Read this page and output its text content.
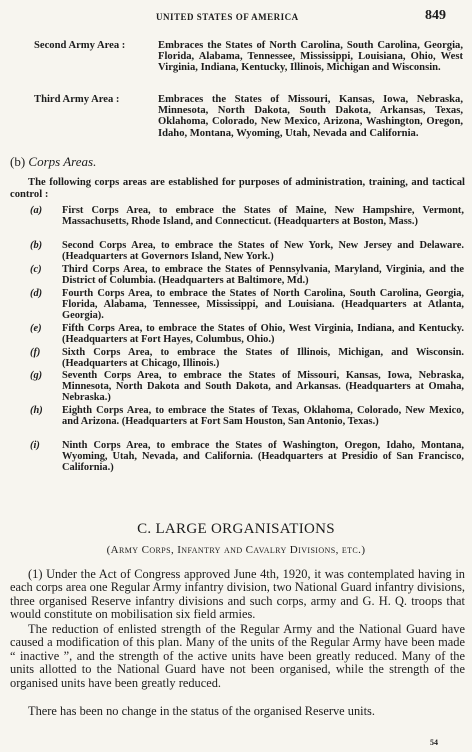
UNITED STATES OF AMERICA	849
Second Army Area :	Embraces the States of North Carolina, South Carolina, Georgia, Florida, Alabama, Tennessee, Mississippi, Louisiana, Ohio, West Virginia, Indiana, Kentucky, Illinois, Michigan and Wisconsin.
Third Army Area :	Embraces the States of Missouri, Kansas, Iowa, Nebraska, Minnesota, North Dakota, South Dakota, Arkansas, Texas, Oklahoma, Colorado, New Mexico, Arizona, Washington, Oregon, Idaho, Montana, Wyoming, Utah, Nevada and California.
(b) Corps Areas.
The following corps areas are established for purposes of administration, training, and tactical control :
(a) First Corps Area, to embrace the States of Maine, New Hampshire, Vermont, Massachusetts, Rhode Island, and Connecticut. (Headquarters at Boston, Mass.)
(b) Second Corps Area, to embrace the States of New York, New Jersey and Delaware. (Headquarters at Governors Island, New York.)
(c) Third Corps Area, to embrace the States of Pennsylvania, Maryland, Virginia, and the District of Columbia. (Headquarters at Baltimore, Md.)
(d) Fourth Corps Area, to embrace the States of North Carolina, South Carolina, Georgia, Florida, Alabama, Tennessee, Mississippi, and Louisiana. (Headquarters at Atlanta, Georgia).
(e) Fifth Corps Area, to embrace the States of Ohio, West Virginia, Indiana, and Kentucky. (Headquarters at Fort Hayes, Columbus, Ohio.)
(f) Sixth Corps Area, to embrace the States of Illinois, Michigan, and Wisconsin. (Headquarters at Chicago, Illinois.)
(g) Seventh Corps Area, to embrace the States of Missouri, Kansas, Iowa, Nebraska, Minnesota, North Dakota and South Dakota, and Arkansas. (Headquarters at Omaha, Nebraska.)
(h) Eighth Corps Area, to embrace the States of Texas, Oklahoma, Colorado, New Mexico, and Arizona. (Headquarters at Fort Sam Houston, San Antonio, Texas.)
(i) Ninth Corps Area, to embrace the States of Washington, Oregon, Idaho, Montana, Wyoming, Utah, Nevada, and California. (Headquarters at Presidio of San Francisco, California.)
C. LARGE ORGANISATIONS
(Army Corps, Infantry and Cavalry Divisions, etc.)
(1) Under the Act of Congress approved June 4th, 1920, it was contemplated having in each corps area one Regular Army infantry division, two National Guard infantry divisions, three organised Reserve infantry divisions and such corps, army and G. H. Q. troops that would constitute on mobilisation six field armies.
The reduction of enlisted strength of the Regular Army and the National Guard have caused a modification of this plan. Many of the units of the Regular Army have been made “ inactive ”, and the strength of the active units have been greatly reduced. Many of the units allotted to the National Guard have not been organised, while the strength of the organised units have been greatly reduced.
There has been no change in the status of the organised Reserve units.
54
